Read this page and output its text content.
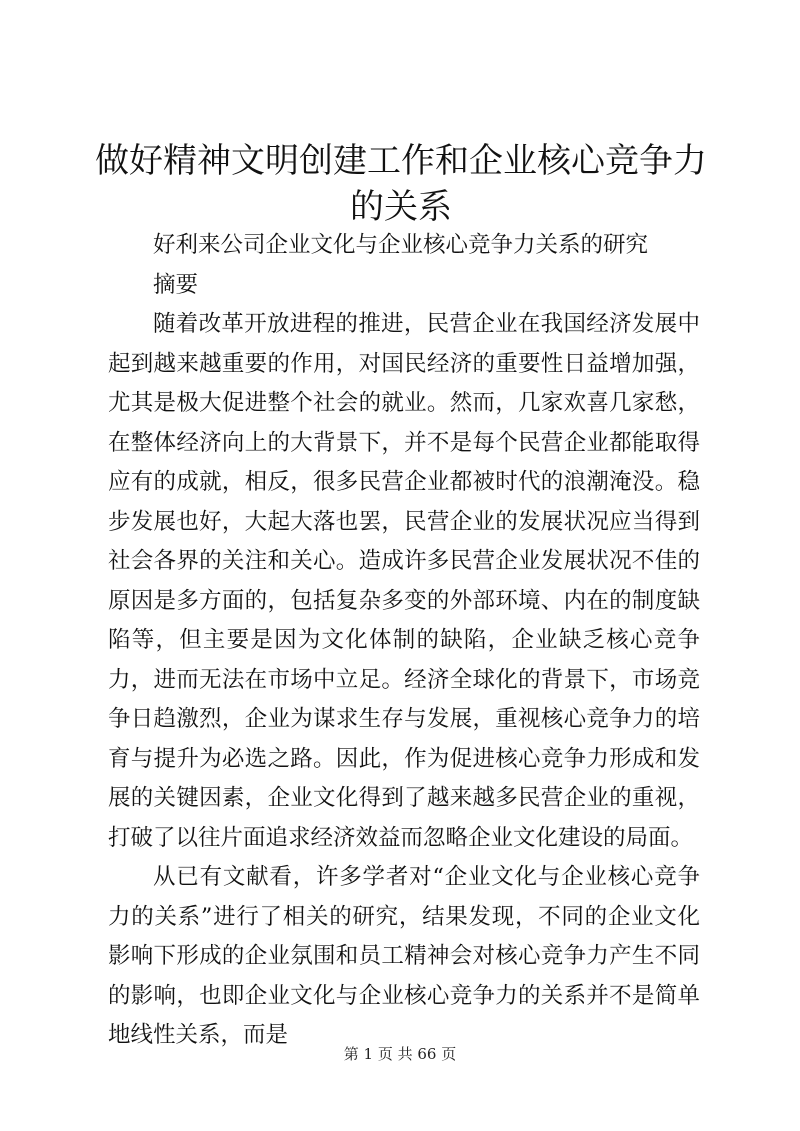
做好精神文明创建工作和企业核心竞争力的关系

好利来公司企业文化与企业核心竞争力关系的研究

摘要

随着改革开放进程的推进，民营企业在我国经济发展中起到越来越重要的作用，对国民经济的重要性日益增加强，尤其是极大促进整个社会的就业。然而，几家欢喜几家愁，在整体经济向上的大背景下，并不是每个民营企业都能取得应有的成就，相反，很多民营企业都被时代的浪潮淹没。稳步发展也好，大起大落也罢，民营企业的发展状况应当得到社会各界的关注和关心。造成许多民营企业发展状况不佳的原因是多方面的，包括复杂多变的外部环境、内在的制度缺陷等，但主要是因为文化体制的缺陷，企业缺乏核心竞争力，进而无法在市场中立足。经济全球化的背景下，市场竞争日趋激烈，企业为谋求生存与发展，重视核心竞争力的培育与提升为必选之路。因此，作为促进核心竞争力形成和发展的关键因素，企业文化得到了越来越多民营企业的重视，打破了以往片面追求经济效益而忽略企业文化建设的局面。

从已有文献看，许多学者对“企业文化与企业核心竞争力的关系”进行了相关的研究，结果发现，不同的企业文化影响下形成的企业氛围和员工精神会对核心竞争力产生不同的影响，也即企业文化与企业核心竞争力的关系并不是简单地线性关系，而是

第 1 页 共 66 页
